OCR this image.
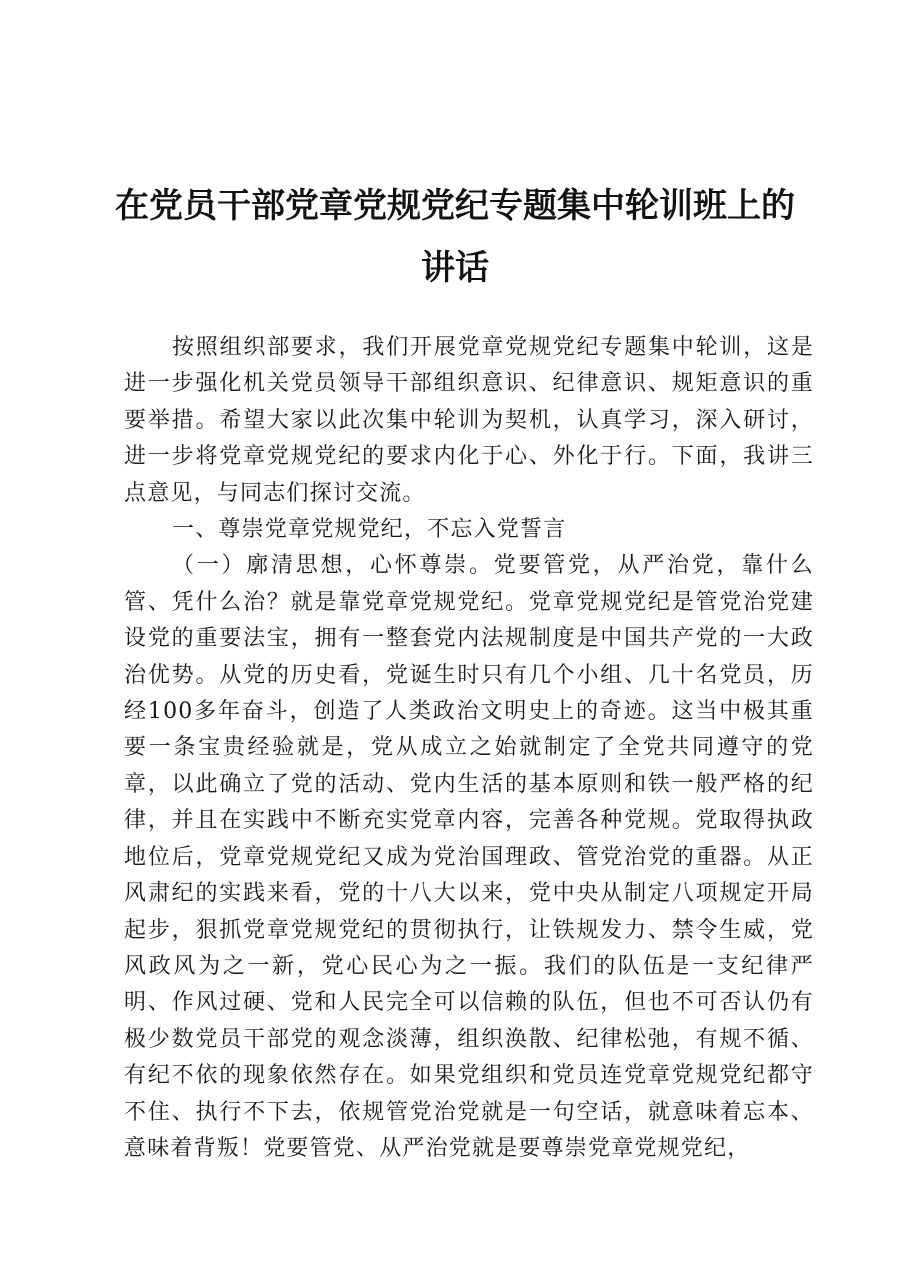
在党员干部党章党规党纪专题集中轮训班上的
讲话

按照组织部要求，我们开展党章党规党纪专题集中轮训，这是进一步强化机关党员领导干部组织意识、纪律意识、规矩意识的重要举措。希望大家以此次集中轮训为契机，认真学习，深入研讨，进一步将党章党规党纪的要求内化于心、外化于行。下面，我讲三点意见，与同志们探讨交流。

一、尊崇党章党规党纪，不忘入党誓言

（一）廓清思想，心怀尊崇。党要管党，从严治党，靠什么管、凭什么治？就是靠党章党规党纪。党章党规党纪是管党治党建设党的重要法宝，拥有一整套党内法规制度是中国共产党的一大政治优势。从党的历史看，党诞生时只有几个小组、几十名党员，历经100多年奋斗，创造了人类政治文明史上的奇迹。这当中极其重要一条宝贵经验就是，党从成立之始就制定了全党共同遵守的党章，以此确立了党的活动、党内生活的基本原则和铁一般严格的纪律，并且在实践中不断充实党章内容，完善各种党规。党取得执政地位后，党章党规党纪又成为党治国理政、管党治党的重器。从正风肃纪的实践来看，党的十八大以来，党中央从制定八项规定开局起步，狠抓党章党规党纪的贯彻执行，让铁规发力、禁令生威，党风政风为之一新，党心民心为之一振。我们的队伍是一支纪律严明、作风过硬、党和人民完全可以信赖的队伍，但也不可否认仍有极少数党员干部党的观念淡薄，组织涣散、纪律松弛，有规不循、有纪不依的现象依然存在。如果党组织和党员连党章党规党纪都守不住、执行不下去，依规管党治党就是一句空话，就意味着忘本、意味着背叛！党要管党、从严治党就是要尊崇党章党规党纪，
